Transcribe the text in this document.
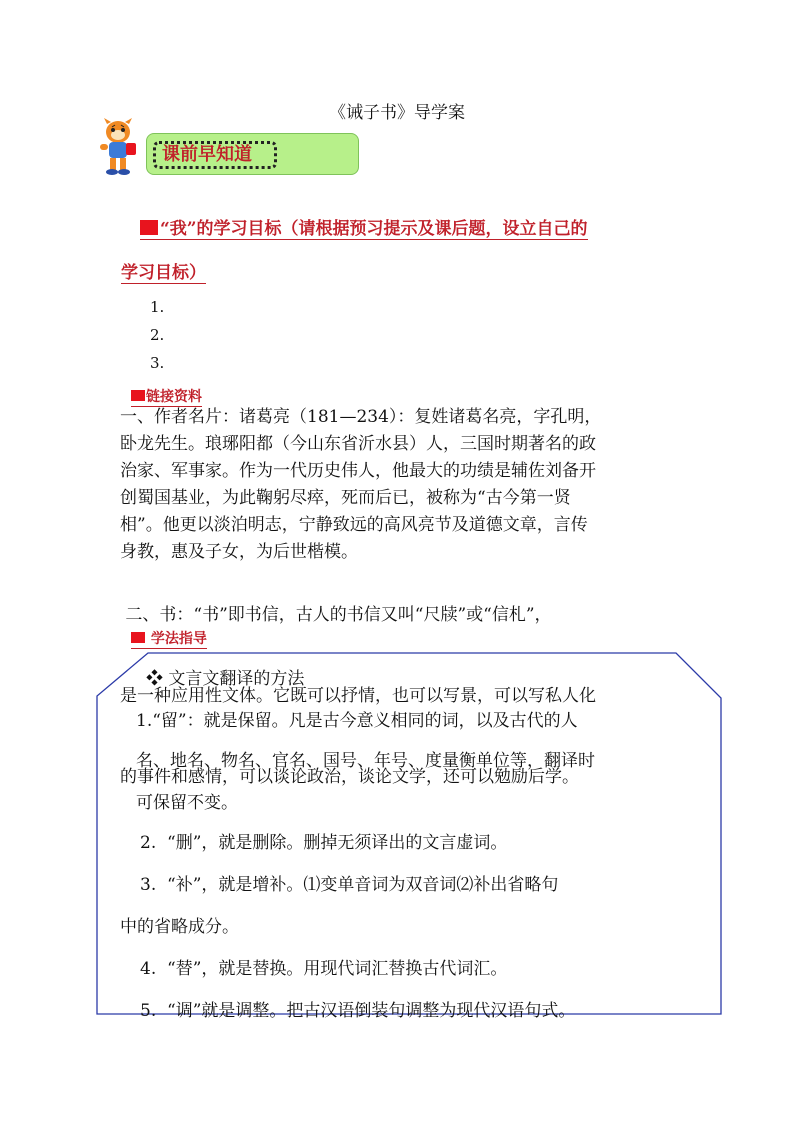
《诫子书》导学案
课前早知道
“我”的学习目标（请根据预习提示及课后题，设立自己的
学习目标）
1.
2.
3.
链接资料
一、作者名片：诸葛亮（181—234）：复姓诸葛名亮，字孔明，
卧龙先生。琅琊阳都（今山东省沂水县）人，三国时期著名的政
治家、军事家。作为一代历史伟人，他最大的功绩是辅佐刘备开
创蜀国基业，为此鞠躬尽瘁，死而后已，被称为“古今第一贤
相”。他更以淡泊明志，宁静致远的高风亮节及道德文章，言传
身教，惠及子女，为后世楷模。

二、书：“书”即书信，古人的书信又叫“尺牍”或“信札”，

是一种应用性文体。它既可以抒情，也可以写景，可以写私人化

的事件和感情，可以谈论政治，谈论文学，还可以勉励后学。

学法指导
❖ 文言文翻译的方法
1.“留”：就是保留。凡是古今意义相同的词，以及古代的人
名、地名、物名、官名、国号、年号、度量衡单位等，翻译时
可保留不变。
2.  “删”，就是删除。删掉无须译出的文言虚词。
3.  “补”，就是增补。⑴变单音词为双音词⑵补出省略句
中的省略成分。
4.  “替”，就是替换。用现代词汇替换古代词汇。
5.  “调”就是调整。把古汉语倒装句调整为现代汉语句式。
